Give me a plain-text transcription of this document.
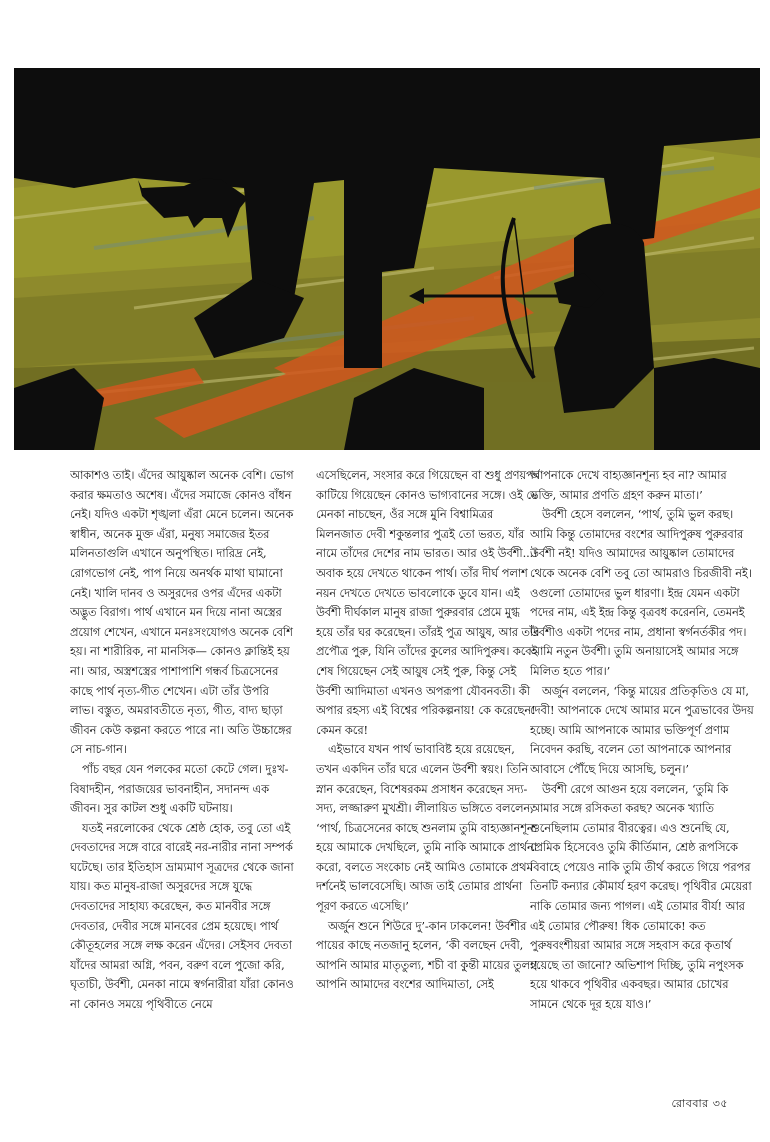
আকাশও তাই। এঁদের আয়ুষ্কাল অনেক বেশি। ভোগ করার ক্ষমতাও অশেষ। এঁদের সমাজে কোনও বাঁধন নেই। যদিও একটা শৃঙ্খলা এঁরা মেনে চলেন। অনেক স্বাধীন, অনেক মুক্ত এঁরা, মনুষ্য সমাজের ইতর মলিনতাগুলি এখানে অনুপস্থিত। দারিদ্র নেই, রোগভোগ নেই, পাপ নিয়ে অনর্থক মাথা ঘামানো নেই। খালি দানব ও অসুরদের ওপর এঁদের একটা অদ্ভুত বিরাগ। পার্থ এখানে মন দিয়ে নানা অস্ত্রের প্রয়োগ শেখেন, এখানে মনঃসংযোগও অনেক বেশি হয়। না শারীরিক, না মানসিক— কোনও ক্লান্তিই হয় না। আর, অস্ত্রশস্ত্রের পাশাপাশি গন্ধর্ব চিত্রসেনের কাছে পার্থ নৃত্য-গীত শেখেন। এটা তাঁর উপরি লাভ। বস্তুত, অমরাবতীতে নৃত্য, গীত, বাদ্য ছাড়া জীবন কেউ কল্পনা করতে পারে না। অতি উচ্চাঙ্গের সে নাচ-গান।

পাঁচ বছর যেন পলকের মতো কেটে গেল। দুঃখ-বিষাদহীন, পরাজয়ের ভাবনাহীন, সদানন্দ এক জীবন। সুর কাটল শুধু একটি ঘটনায়।

যতই নরলোকের থেকে শ্রেষ্ঠ হোক, তবু তো এই দেবতাদের সঙ্গে বারে বারেই নর-নারীর নানা সম্পর্ক ঘটেছে। তার ইতিহাস ভ্রাম্যমাণ সূত্রদের থেকে জানা যায়। কত মানুষ-রাজা অসুরদের সঙ্গে যুদ্ধে দেবতাদের সাহায্য করেছেন, কত মানবীর সঙ্গে দেবতার, দেবীর সঙ্গে মানবের প্রেম হয়েছে। পার্থ কৌতূহলের সঙ্গে লক্ষ করেন এঁদের। সেইসব দেবতা যাঁদের আমরা অগ্নি, পবন, বরুণ বলে পুজো করি, ঘৃতাচী, উর্বশী, মেনকা নামে স্বর্গনারীরা যাঁরা কোনও না কোনও সময়ে পৃথিবীতে নেমে

এসেছিলেন, সংসার করে গিয়েছেন বা শুধু প্রণয়পর্ব কাটিয়ে গিয়েছেন কোনও ভাগ্যবানের সঙ্গে। ওই যে মেনকা নাচছেন, ওঁর সঙ্গে মুনি বিশ্বামিত্রর মিলনজাত দেবী শকুন্তলার পুত্রই তো ভরত, যাঁর নামে তাঁদের দেশের নাম ভারত। আর ওই উর্বশী...। অবাক হয়ে দেখতে থাকেন পার্থ। তাঁর দীর্ঘ পলাশ নয়ন দেখতে দেখতে ভাবলোকে ডুবে যান। এই উর্বশী দীর্ঘকাল মানুষ রাজা পুরুরবার প্রেমে মুগ্ধ হয়ে তাঁর ঘর করেছেন। তাঁরই পুত্র আয়ুষ, আর তাঁর প্রপৌত্র পুরু, যিনি তাঁদের কুলের আদিপুরুষ। কবেই শেষ গিয়েছেন সেই আয়ুষ সেই পুরু, কিন্তু সেই উর্বশী আদিমাতা এখনও অপরূপা যৌবনবতী। কী অপার রহস্য এই বিশ্বের পরিকল্পনায়! কে করেছেন! কেমন করে!

এইভাবে যখন পার্থ ভাবাবিষ্ট হয়ে রয়েছেন, তখন একদিন তাঁর ঘরে এলেন উর্বশী স্বয়ং। তিনি স্নান করেছেন, বিশেষরকম প্রসাধন করেছেন সদ্য-সদ্য, লজ্জারুণ মুখশ্রী। লীলায়িত ভঙ্গিতে বললেন, ‘পার্থ, চিত্রসেনের কাছে শুনলাম তুমি বাহ্যজ্ঞানশূন্য হয়ে আমাকে দেখছিলে, তুমি নাকি আমাকে প্রার্থনা করো, বলতে সংকোচ নেই আমিও তোমাকে প্রথম দর্শনেই ভালবেসেছি। আজ তাই তোমার প্রার্থনা পূরণ করতে এসেছি।’

অর্জুন শুনে শিউরে দু’-কান ঢাকলেন! উর্বশীর পায়ের কাছে নতজানু হলেন, ‘কী বলছেন দেবী, আপনি আমার মাতৃতুল্য, শচী বা কুন্তী মায়ের তুল্য! আপনি আমাদের বংশের আদিমাতা, সেই

আপনাকে দেখে বাহ্যজ্ঞানশূন্য হব না? আমার ভক্তি, আমার প্রণতি গ্রহণ করুন মাতা।’

উর্বশী হেসে বললেন, ‘পার্থ, তুমি ভুল করছ। আমি কিন্তু তোমাদের বংশের আদিপুরুষ পুরুরবার উর্বশী নই! যদিও আমাদের আয়ুষ্কাল তোমাদের থেকে অনেক বেশি তবু তো আমরাও চিরজীবী নই। ওগুলো তোমাদের ভুল ধারণা। ইন্দ্র যেমন একটা পদের নাম, এই ইন্দ্র কিন্তু বৃত্রবধ করেননি, তেমনই উর্বশীও একটা পদের নাম, প্রধানা স্বর্গনর্তকীর পদ। আমি নতুন উর্বশী। তুমি অনায়াসেই আমার সঙ্গে মিলিত হতে পার।’

অর্জুন বললেন, ‘কিন্তু মায়ের প্রতিকৃতিও যে মা, দেবী! আপনাকে দেখে আমার মনে পুত্রভাবের উদয় হচ্ছে। আমি আপনাকে আমার ভক্তিপূর্ণ প্রণাম নিবেদন করছি, বলেন তো আপনাকে আপনার আবাসে পৌঁছে দিয়ে আসছি, চলুন।’

উর্বশী রেগে আগুন হয়ে বললেন, ‘তুমি কি আমার সঙ্গে রসিকতা করছ? অনেক খ্যাতি শুনেছিলাম তোমার বীরত্বের। এও শুনেছি যে, প্রেমিক হিসেবেও তুমি কীর্তিমান, শ্রেষ্ঠ রূপসিকে বিবাহে পেয়েও নাকি তুমি তীর্থ করতে গিয়ে পরপর তিনটি কন্যার কৌমার্য হরণ করেছ। পৃথিবীর মেয়েরা নাকি তোমার জন্য পাগল। এই তোমার বীর্য! আর এই তোমার পৌরুষ! ধিক তোমাকে! কত পুরুষবংশীয়রা আমার সঙ্গে সহবাস করে কৃতার্থ হয়েছে তা জানো? অভিশাপ দিচ্ছি, তুমি নপুংসক হয়ে থাকবে পৃথিবীর একবছর। আমার চোখের সামনে থেকে দূর হয়ে যাও।’

রোববার ৩৫
